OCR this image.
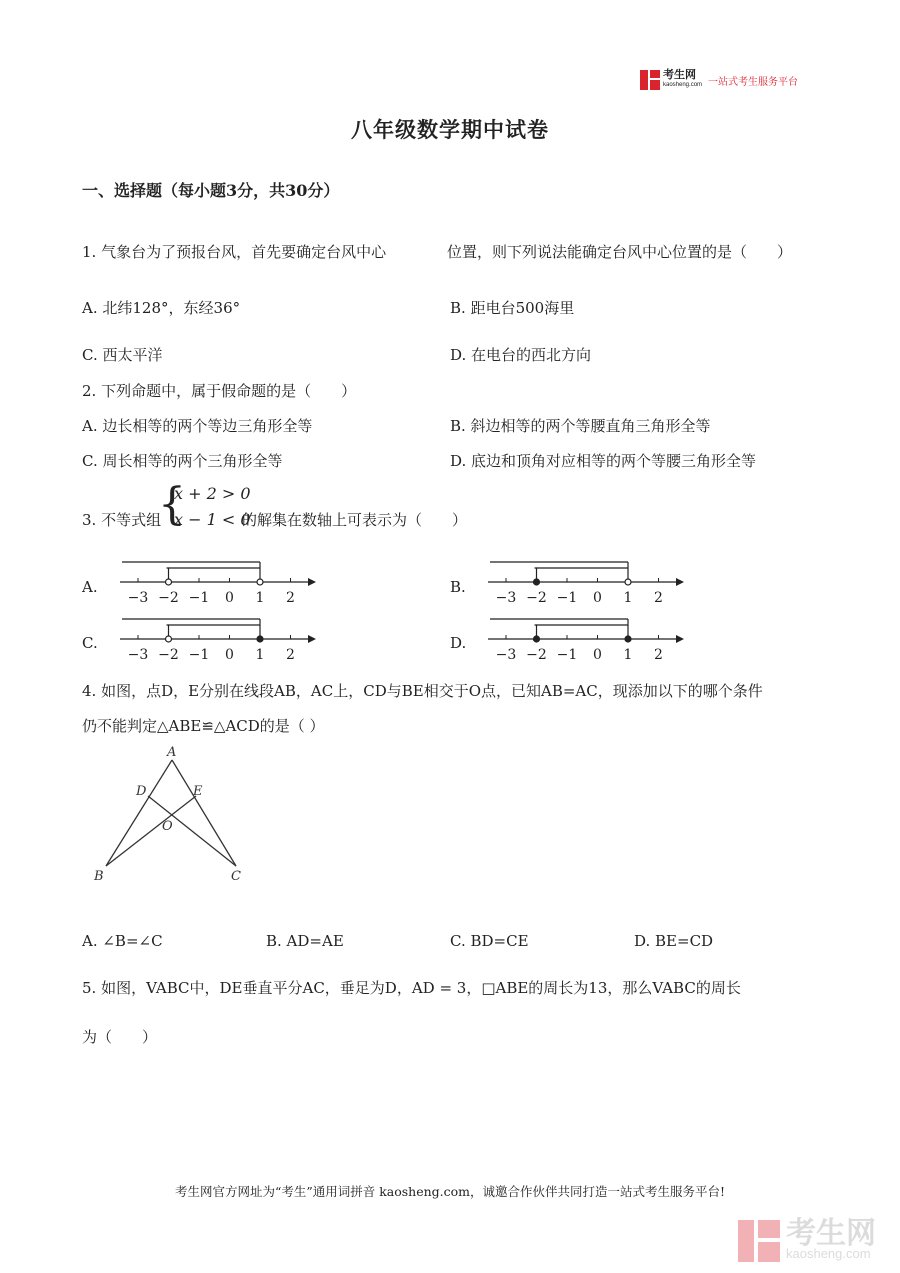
考生网
kaosheng.com 一站式考生服务平台
八年级数学期中试卷
一、选择题（每小题3分，共30分）
1. 气象台为了预报台风，首先要确定台风中心	位置，则下列说法能确定台风中心位置的是（　　）
A. 北纬128°，东经36°	B. 距电台500海里
C. 西太平洋	D. 在电台的西北方向
2. 下列命题中，属于假命题的是（　　）
A. 边长相等的两个等边三角形全等	B. 斜边相等的两个等腰直角三角形全等
C. 周长相等的两个三角形全等	D. 底边和顶角对应相等的两个等腰三角形全等
3. 不等式组
{
x + 2 > 0
x − 1 < 0
的解集在数轴上可表示为（　　）
A.	B.
C.	D.
−3 −2 −1 0 1 2	−3 −2 −1 0 1 2
−3 −2 −1 0 1 2	−3 −2 −1 0 1 2
4. 如图，点D，E分别在线段AB，AC上，CD与BE相交于O点，已知AB=AC，现添加以下的哪个条件
仍不能判定△ABE≌△ACD的是（ ）
A
B	C
D	E
O
A. ∠B=∠C	B. AD=AE	C. BD=CE	D. BE=CD
5. 如图，VABC中，DE垂直平分AC，垂足为D，AD = 3，□ABE的周长为13，那么VABC的周长
为（　　）
考生网官方网址为“考生”通用词拼音 kaosheng.com，诚邀合作伙伴共同打造一站式考生服务平台!
考生网
kaosheng.com
